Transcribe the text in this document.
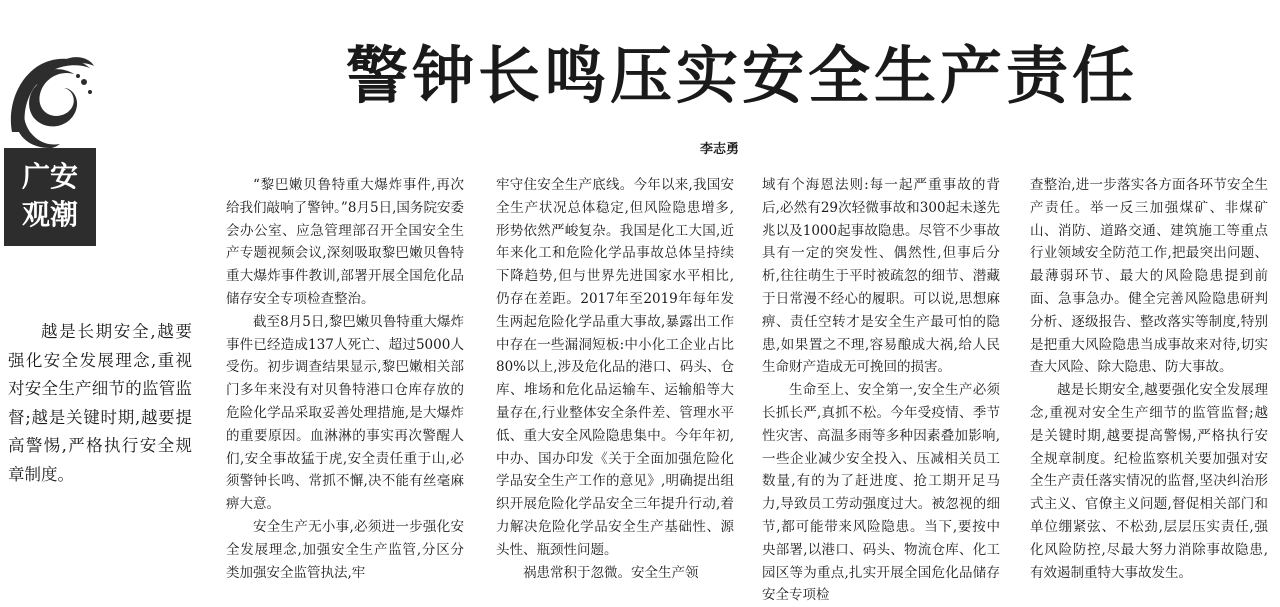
广安
观潮
越是长期安全,越要强化安全发展理念,重视对安全生产细节的监管监督;越是关键时期,越要提高警惕,严格执行安全规章制度。
警钟长鸣压实安全生产责任
李志勇

“黎巴嫩贝鲁特重大爆炸事件,再次给我们敲响了警钟。”8月5日,国务院安委会办公室、应急管理部召开全国安全生产专题视频会议,深刻吸取黎巴嫩贝鲁特重大爆炸事件教训,部署开展全国危化品储存安全专项检查整治。

截至8月5日,黎巴嫩贝鲁特重大爆炸事件已经造成137人死亡、超过5000人受伤。初步调查结果显示,黎巴嫩相关部门多年来没有对贝鲁特港口仓库存放的危险化学品采取妥善处理措施,是大爆炸的重要原因。血淋淋的事实再次警醒人们,安全事故猛于虎,安全责任重于山,必须警钟长鸣、常抓不懈,决不能有丝毫麻痹大意。

安全生产无小事,必须进一步强化安全发展理念,加强安全生产监管,分区分类加强安全监管执法,牢

牢守住安全生产底线。今年以来,我国安全生产状况总体稳定,但风险隐患增多,形势依然严峻复杂。我国是化工大国,近年来化工和危险化学品事故总体呈持续下降趋势,但与世界先进国家水平相比,仍存在差距。2017年至2019年每年发生两起危险化学品重大事故,暴露出工作中存在一些漏洞短板:中小化工企业占比80%以上,涉及危化品的港口、码头、仓库、堆场和危化品运输车、运输船等大量存在,行业整体安全条件差、管理水平低、重大安全风险隐患集中。今年年初,中办、国办印发《关于全面加强危险化学品安全生产工作的意见》,明确提出组织开展危险化学品安全三年提升行动,着力解决危险化学品安全生产基础性、源头性、瓶颈性问题。

祸患常积于忽微。安全生产领

域有个海恩法则:每一起严重事故的背后,必然有29次轻微事故和300起未遂先兆以及1000起事故隐患。尽管不少事故具有一定的突发性、偶然性,但事后分析,往往萌生于平时被疏忽的细节、潜藏于日常漫不经心的履职。可以说,思想麻痹、责任空转才是安全生产最可怕的隐患,如果置之不理,容易酿成大祸,给人民生命财产造成无可挽回的损害。

生命至上、安全第一,安全生产必须长抓长严,真抓不松。今年受疫情、季节性灾害、高温多雨等多种因素叠加影响,一些企业减少安全投入、压减相关员工数量,有的为了赶进度、抢工期开足马力,导致员工劳动强度过大。被忽视的细节,都可能带来风险隐患。当下,要按中央部署,以港口、码头、物流仓库、化工园区等为重点,扎实开展全国危化品储存安全专项检

查整治,进一步落实各方面各环节安全生产责任。举一反三加强煤矿、非煤矿山、消防、道路交通、建筑施工等重点行业领域安全防范工作,把最突出问题、最薄弱环节、最大的风险隐患提到前面、急事急办。健全完善风险隐患研判分析、逐级报告、整改落实等制度,特别是把重大风险隐患当成事故来对待,切实查大风险、除大隐患、防大事故。

越是长期安全,越要强化安全发展理念,重视对安全生产细节的监管监督;越是关键时期,越要提高警惕,严格执行安全规章制度。纪检监察机关要加强对安全生产责任落实情况的监督,坚决纠治形式主义、官僚主义问题,督促相关部门和单位绷紧弦、不松劲,层层压实责任,强化风险防控,尽最大努力消除事故隐患,有效遏制重特大事故发生。
